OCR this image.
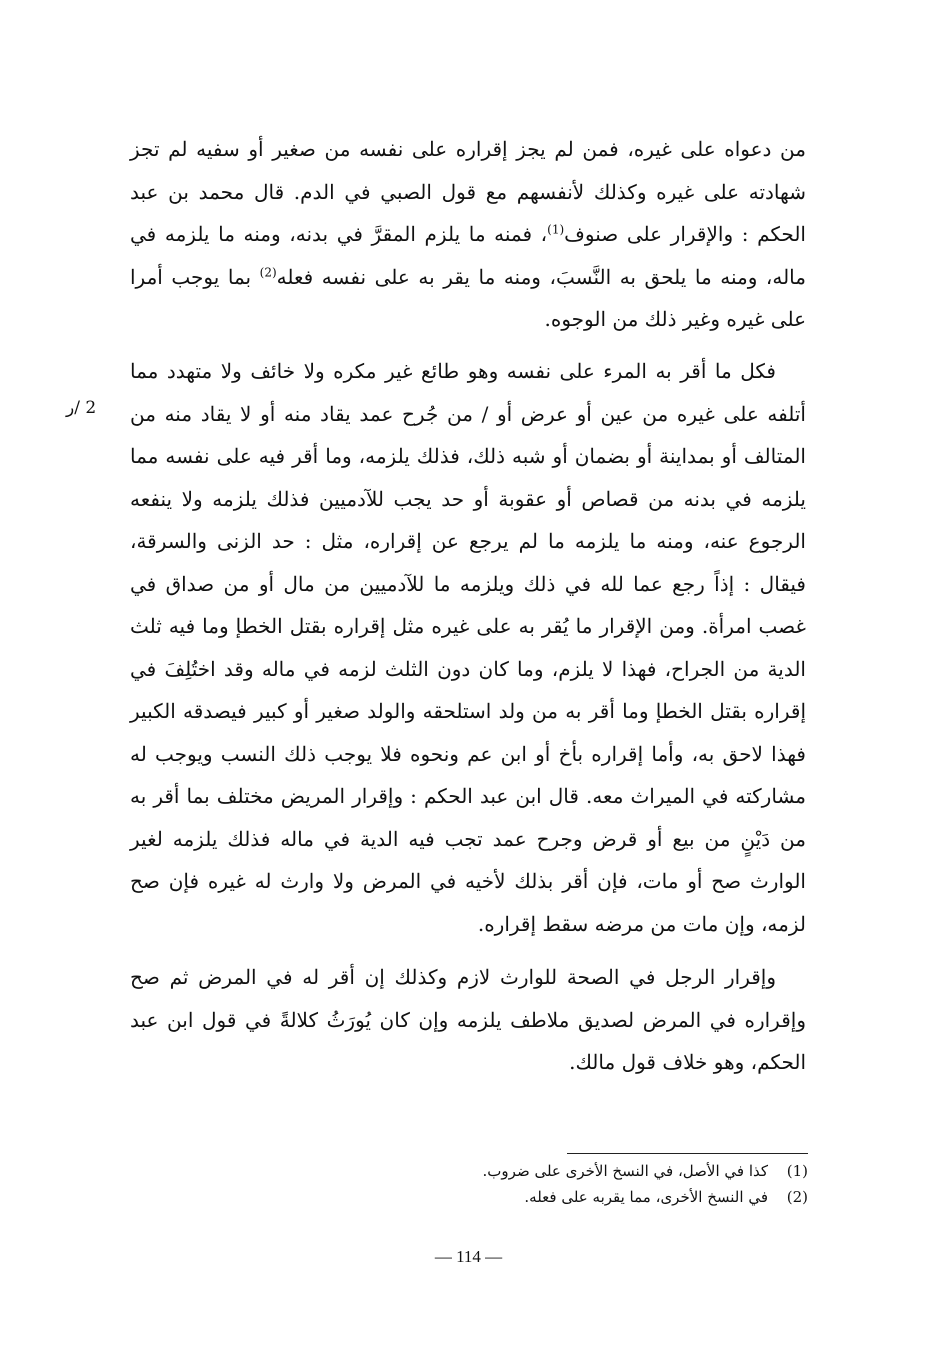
من دعواه على غيره، فمن لم يجز إقراره على نفسه من صغير أو سفيه لم تجز شهادته على غيره وكذلك لأنفسهم مع قول الصبي في الدم. قال محمد بن عبد الحكم : والإقرار على صنوف$^{(1)}$، فمنه ما يلزم المقرَّ في بدنه، ومنه ما يلزمه في ماله، ومنه ما يلحق به النَّسبَ، ومنه ما يقر به على نفسه فعله$^{(2)}$ بما يوجب أمرا على غيره وغير ذلك من الوجوه.

فكل ما أقر به المرء على نفسه وهو طائع غير مكره ولا خائف ولا متهدد مما أتلفه على غيره من عين أو عرض أو / من جُرح عمد يقاد منه أو لا يقاد منه من المتالف أو بمداينة أو بضمان أو شبه ذلك، فذلك يلزمه، وما أقر فيه على نفسه مما يلزمه في بدنه من قصاص أو عقوبة أو حد يجب للآدميين فذلك يلزمه ولا ينفعه الرجوع عنه، ومنه ما يلزمه ما لم يرجع عن إقراره، مثل : حد الزنى والسرقة، فيقال : إذاً رجع عما لله في ذلك ويلزمه ما للآدميين من مال أو من صداق في غصب امرأة. ومن الإقرار ما يُقر به على غيره مثل إقراره بقتل الخطإ وما فيه ثلث الدية من الجراح، فهذا لا يلزم، وما كان دون الثلث لزمه في ماله وقد اختُلِفَ في إقراره بقتل الخطإ وما أقر به من ولد استلحقه والولد صغير أو كبير فيصدقه الكبير فهذا لاحق به، وأما إقراره بأخ أو ابن عم ونحوه فلا يوجب ذلك النسب ويوجب له مشاركته في الميراث معه. قال ابن عبد الحكم : وإقرار المريض مختلف بما أقر به من دَيْنٍ من بيع أو قرض وجرح عمد تجب فيه الدية في ماله فذلك يلزمه لغير الوارث صح أو مات، فإن أقر بذلك لأخيه في المرض ولا وارث له غيره فإن صح لزمه، وإن مات من مرضه سقط إقراره.

وإقرار الرجل في الصحة للوارث لازم وكذلك إن أقر له في المرض ثم صح وإقراره في المرض لصديق ملاطف يلزمه وإن كان يُورَثُ كلالةً في قول ابن عبد الحكم، وهو خلاف قول مالك.

2 /ر
(1)
كذا في الأصل، في النسخ الأخرى على ضروب.
(2)
في النسخ الأخرى، مما يقربه على فعله.
— 114 —
